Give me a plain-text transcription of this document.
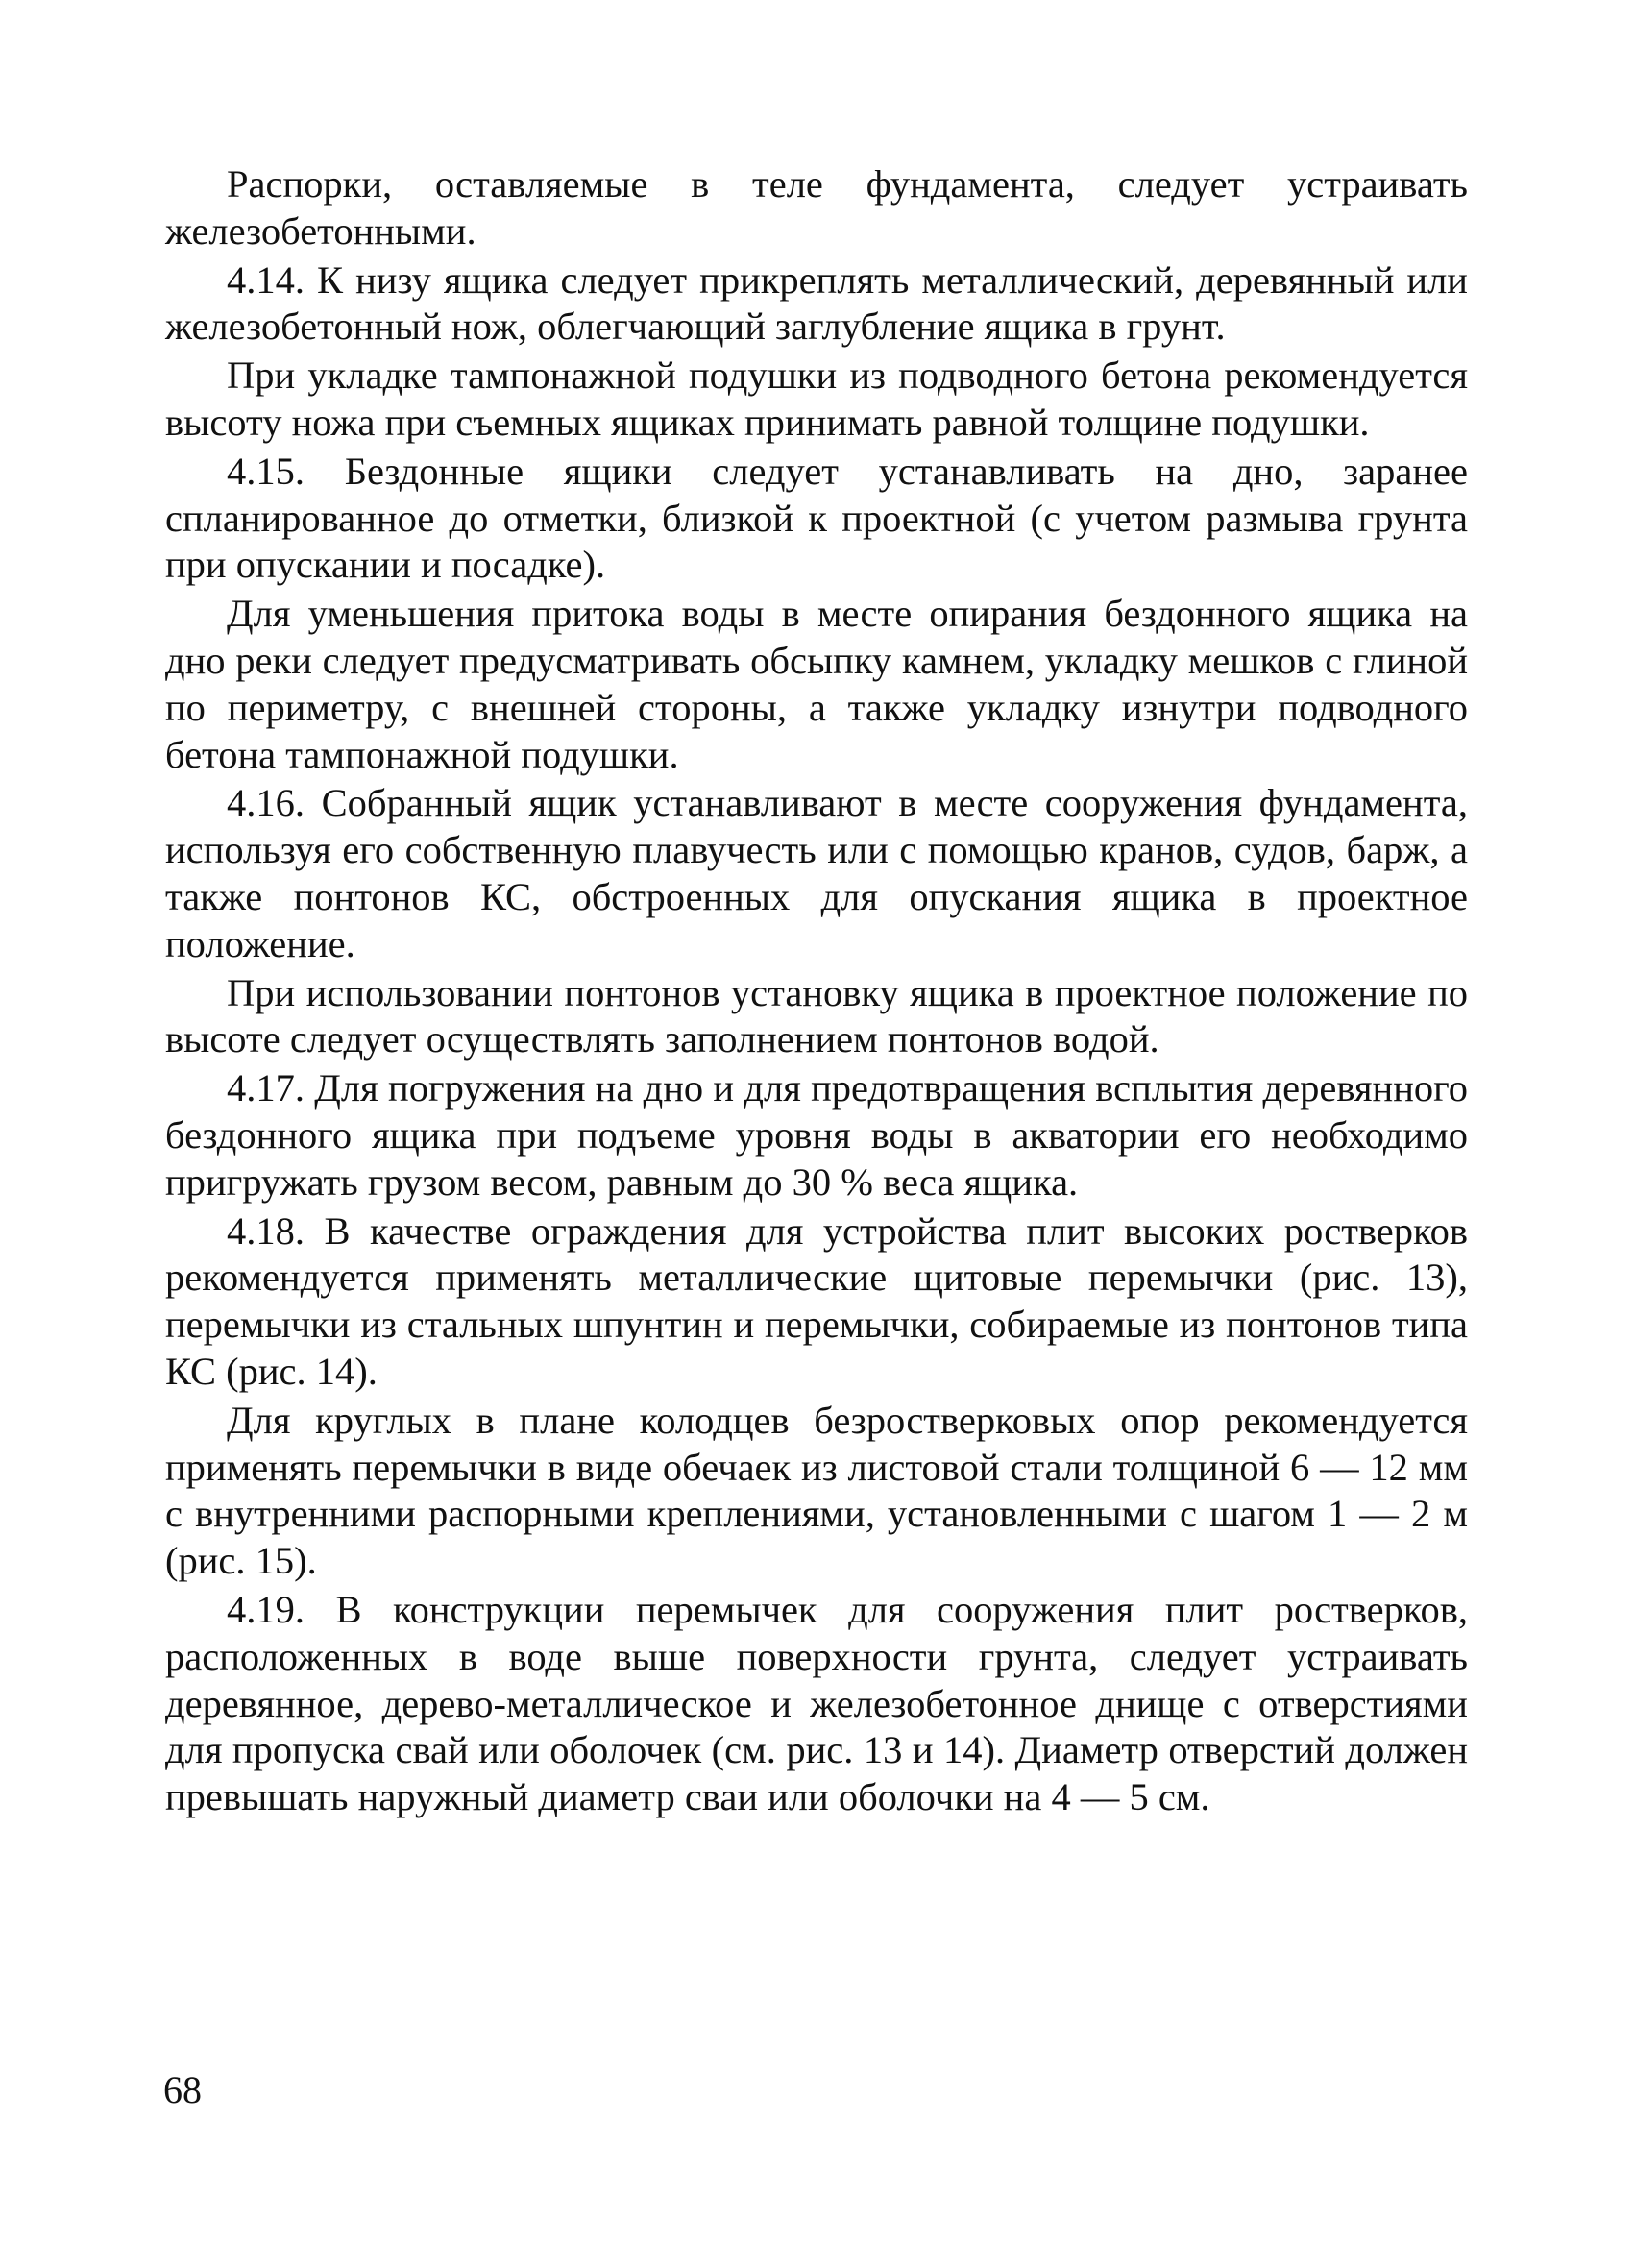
Распорки, оставляемые в теле фундамента, следует устраивать железобетонными.

4.14. К низу ящика следует прикреплять металлический, деревянный или железобетонный нож, облегчающий заглубление ящика в грунт.

При укладке тампонажной подушки из подводного бетона рекомендуется высоту ножа при съемных ящиках принимать равной толщине подушки.

4.15. Бездонные ящики следует устанавливать на дно, заранее спланированное до отметки, близкой к проектной (с учетом размыва грунта при опускании и посадке).

Для уменьшения притока воды в месте опирания бездонного ящика на дно реки следует предусматривать обсыпку камнем, укладку мешков с глиной по периметру, с внешней стороны, а также укладку изнутри подводного бетона тампонажной подушки.

4.16. Собранный ящик устанавливают в месте сооружения фундамента, используя его собственную плавучесть или с помощью кранов, судов, барж, а также понтонов КС, обстроенных для опускания ящика в проектное положение.

При использовании понтонов установку ящика в проектное положение по высоте следует осуществлять заполнением понтонов водой.

4.17. Для погружения на дно и для предотвращения всплытия деревянного бездонного ящика при подъеме уровня воды в акватории его необходимо пригружать грузом весом, равным до 30 % веса ящика.

4.18. В качестве ограждения для устройства плит высоких ростверков рекомендуется применять металлические щитовые перемычки (рис. 13), перемычки из стальных шпунтин и перемычки, собираемые из понтонов типа КС (рис. 14).

Для круглых в плане колодцев безростверковых опор рекомендуется применять перемычки в виде обечаек из листовой стали толщиной 6 — 12 мм с внутренними распорными креплениями, установленными с шагом 1 — 2 м (рис. 15).

4.19. В конструкции перемычек для сооружения плит ростверков, расположенных в воде выше поверхности грунта, следует устраивать деревянное, дерево-металлическое и железобетонное днище с отверстиями для пропуска свай или оболочек (см. рис. 13 и 14). Диаметр отверстий должен превышать наружный диаметр сваи или оболочки на 4 — 5 см.

68
